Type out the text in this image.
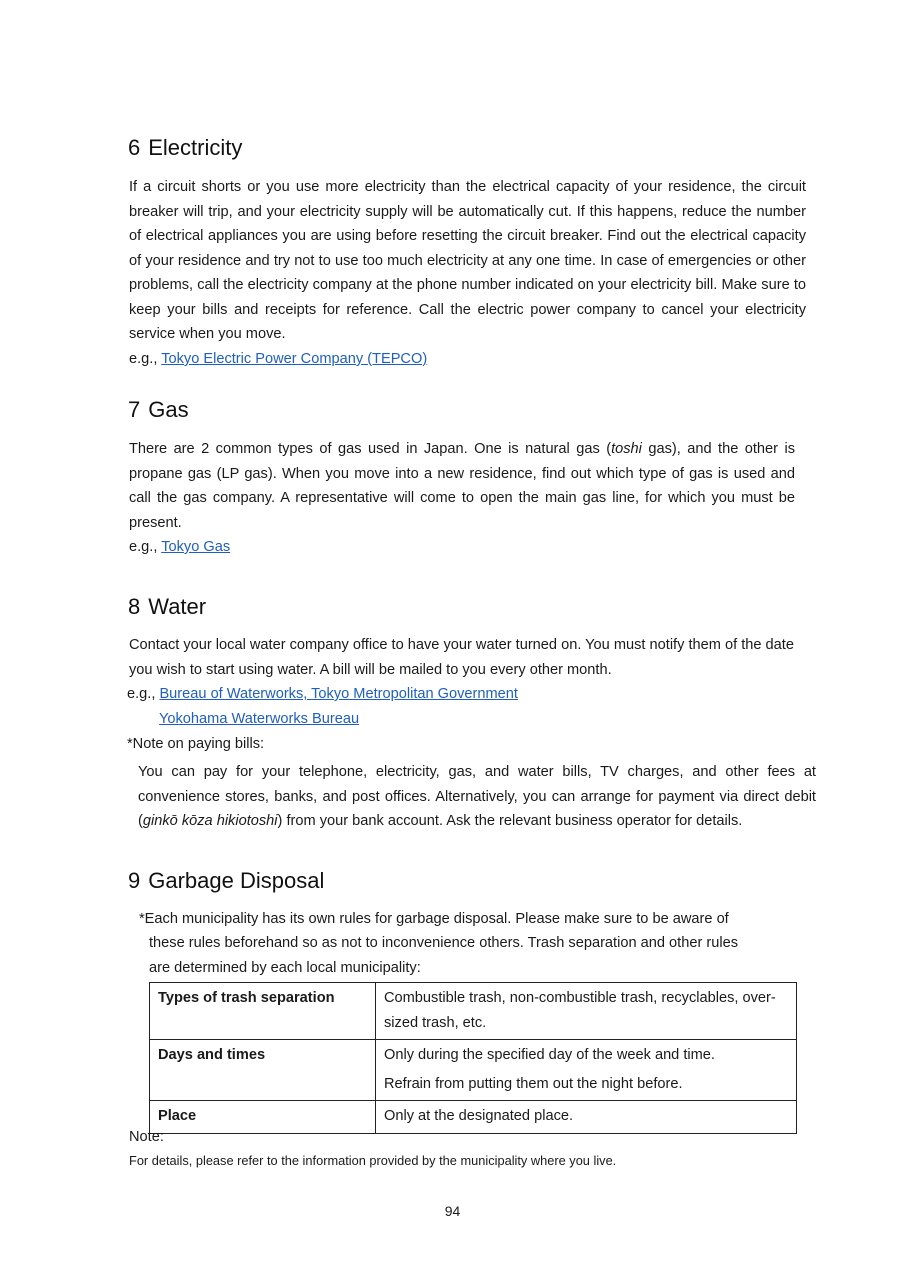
6 Electricity

If a circuit shorts or you use more electricity than the electrical capacity of your residence, the circuit breaker will trip, and your electricity supply will be automatically cut. If this happens, reduce the number of electrical appliances you are using before resetting the circuit breaker. Find out the electrical capacity of your residence and try not to use too much electricity at any one time. In case of emergencies or other problems, call the electricity company at the phone number indicated on your electricity bill. Make sure to keep your bills and receipts for reference. Call the electric power company to cancel your electricity service when you move.

e.g., Tokyo Electric Power Company (TEPCO)

7 Gas

There are 2 common types of gas used in Japan. One is natural gas (toshi gas), and the other is propane gas (LP gas). When you move into a new residence, find out which type of gas is used and call the gas company. A representative will come to open the main gas line, for which you must be present.

e.g., Tokyo Gas

8 Water

Contact your local water company office to have your water turned on. You must notify them of the date you wish to start using water. A bill will be mailed to you every other month.

e.g., Bureau of Waterworks, Tokyo Metropolitan Government

Yokohama Waterworks Bureau

*Note on paying bills:

You can pay for your telephone, electricity, gas, and water bills, TV charges, and other fees at convenience stores, banks, and post offices. Alternatively, you can arrange for payment via direct debit (ginkō kōza hikiotoshi) from your bank account. Ask the relevant business operator for details.

9 Garbage Disposal

*Each municipality has its own rules for garbage disposal. Please make sure to be aware of

these rules beforehand so as not to inconvenience others. Trash separation and other rules

are determined by each local municipality:

Types of trash separation	Combustible trash, non-combustible trash, recyclables, over-sized trash, etc.
Days and times	Only during the specified day of the week and time.
Refrain from putting them out the night before.

Place	Only at the designated place.

Note:

For details, please refer to the information provided by the municipality where you live.

94
